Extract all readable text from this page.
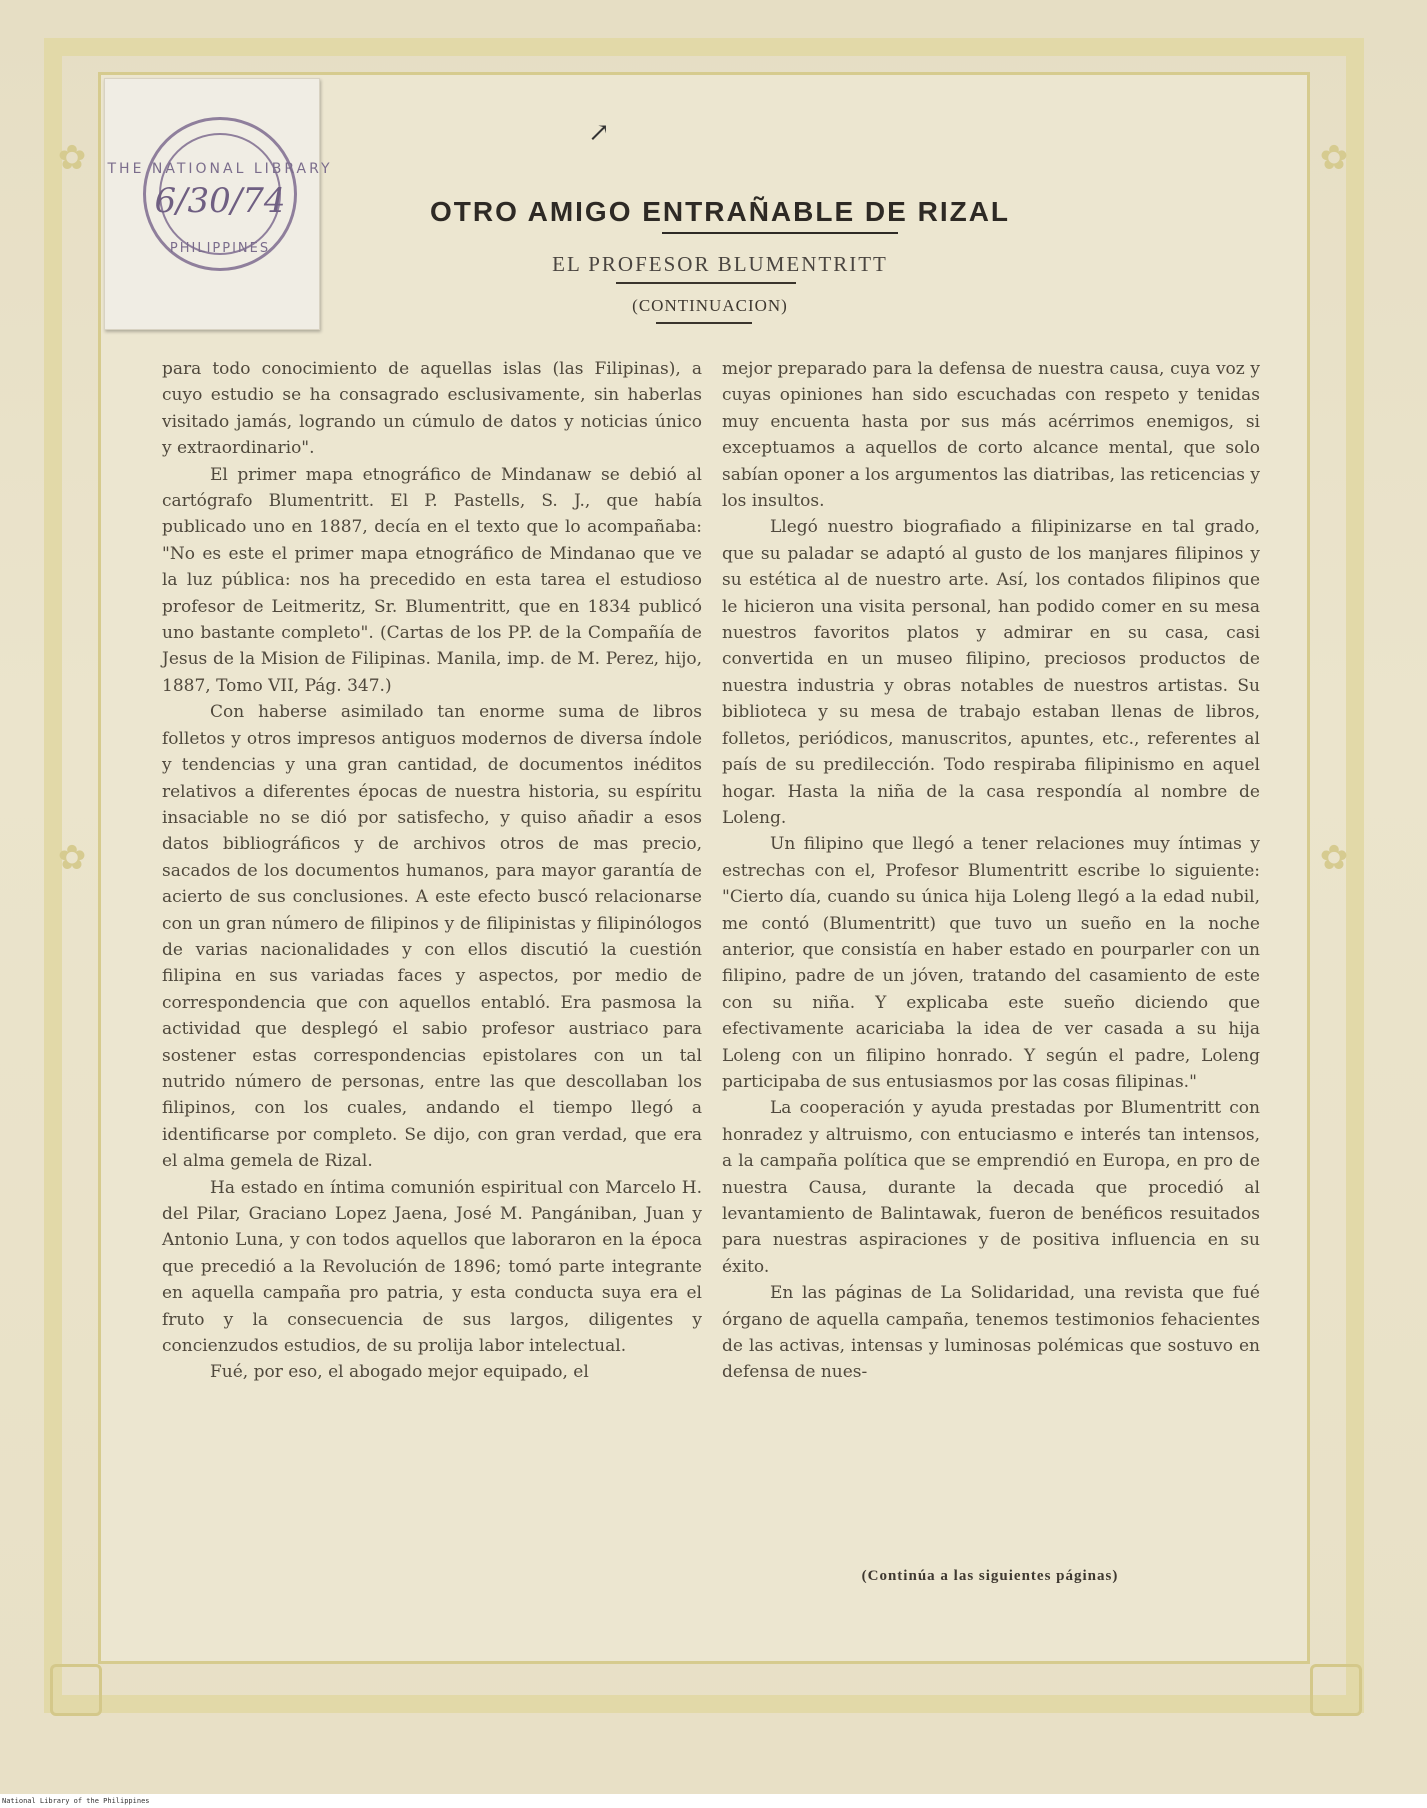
✿
✿
✿
✿
THE NATIONAL LIBRARY
6/30/74
PHILIPPINES
↗
OTRO AMIGO ENTRAÑABLE DE RIZAL
EL PROFESOR BLUMENTRITT
(CONTINUACION)

para todo conocimiento de aquellas islas (las Filipinas), a cuyo estudio se ha consagrado esclusivamente, sin haberlas visitado jamás, logrando un cúmulo de datos y noticias único y extraordinario".

El primer mapa etnográfico de Mindanaw se debió al cartógrafo Blumentritt. El P. Pastells, S. J., que había publicado uno en 1887, decía en el texto que lo acompañaba: "No es este el primer mapa etnográfico de Mindanao que ve la luz pública: nos ha precedido en esta tarea el estudioso profesor de Leitmeritz, Sr. Blumentritt, que en 1834 publicó uno bastante completo". (Cartas de los PP. de la Compañía de Jesus de la Mision de Filipinas. Manila, imp. de M. Perez, hijo, 1887, Tomo VII, Pág. 347.)

Con haberse asimilado tan enorme suma de libros folletos y otros impresos antiguos modernos de diversa índole y tendencias y una gran cantidad, de documentos inéditos relativos a diferentes épocas de nuestra historia, su espíritu insaciable no se dió por satisfecho, y quiso añadir a esos datos bibliográficos y de archivos otros de mas precio, sacados de los documentos humanos, para mayor garantía de acierto de sus conclusiones. A este efecto buscó relacionarse con un gran número de filipinos y de filipinistas y filipinólogos de varias nacionalidades y con ellos discutió la cuestión filipina en sus variadas faces y aspectos, por medio de correspondencia que con aquellos entabló. Era pasmosa la actividad que desplegó el sabio profesor austriaco para sostener estas correspondencias epistolares con un tal nutrido número de personas, entre las que descollaban los filipinos, con los cuales, andando el tiempo llegó a identificarse por completo. Se dijo, con gran verdad, que era el alma gemela de Rizal.

Ha estado en íntima comunión espiritual con Marcelo H. del Pilar, Graciano Lopez Jaena, José M. Pangániban, Juan y Antonio Luna, y con todos aquellos que laboraron en la época que precedió a la Revolución de 1896; tomó parte integrante en aquella campaña pro patria, y esta conducta suya era el fruto y la consecuencia de sus largos, diligentes y concienzudos estudios, de su prolija labor intelectual.

Fué, por eso, el abogado mejor equipado, el

mejor preparado para la defensa de nuestra causa, cuya voz y cuyas opiniones han sido escuchadas con respeto y tenidas muy encuenta hasta por sus más acérrimos enemigos, si exceptuamos a aquellos de corto alcance mental, que solo sabían oponer a los argumentos las diatribas, las reticencias y los insultos.

Llegó nuestro biografiado a filipinizarse en tal grado, que su paladar se adaptó al gusto de los manjares filipinos y su estética al de nuestro arte. Así, los contados filipinos que le hicieron una visita personal, han podido comer en su mesa nuestros favoritos platos y admirar en su casa, casi convertida en un museo filipino, preciosos productos de nuestra industria y obras notables de nuestros artistas. Su biblioteca y su mesa de trabajo estaban llenas de libros, folletos, periódicos, manuscritos, apuntes, etc., referentes al país de su predilección. Todo respiraba filipinismo en aquel hogar. Hasta la niña de la casa respondía al nombre de Loleng.

Un filipino que llegó a tener relaciones muy íntimas y estrechas con el, Profesor Blumentritt escribe lo siguiente: "Cierto día, cuando su única hija Loleng llegó a la edad nubil, me contó (Blumentritt) que tuvo un sueño en la noche anterior, que consistía en haber estado en pourparler con un filipino, padre de un jóven, tratando del casamiento de este con su niña. Y explicaba este sueño diciendo que efectivamente acariciaba la idea de ver casada a su hija Loleng con un filipino honrado. Y según el padre, Loleng participaba de sus entusiasmos por las cosas filipinas."

La cooperación y ayuda prestadas por Blumentritt con honradez y altruismo, con entuciasmo e interés tan intensos, a la campaña política que se emprendió en Europa, en pro de nuestra Causa, durante la decada que procedió al levantamiento de Balintawak, fueron de benéficos resuitados para nuestras aspiraciones y de positiva influencia en su éxito.

En las páginas de La Solidaridad, una revista que fué órgano de aquella campaña, tenemos testimonios fehacientes de las activas, intensas y luminosas polémicas que sostuvo en defensa de nues-

(Continúa a las siguientes páginas)
National Library of the Philippines
